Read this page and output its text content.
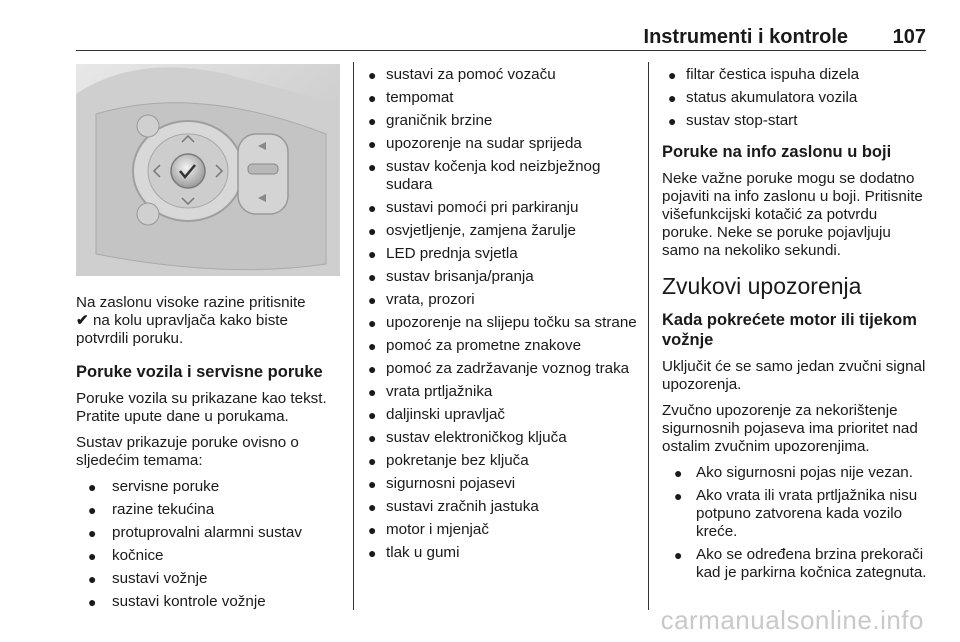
Instrumenti i kontrole 107

Na zaslonu visoke razine pritisnite
✔ na kolu upravljača kako biste
potvrdili poruku.

Poruke vozila i servisne poruke

Poruke vozila su prikazane kao tekst. Pratite upute dane u porukama.

Sustav prikazuje poruke ovisno o sljedećim temama:

● servisne poruke
● razine tekućina
● protuprovalni alarmni sustav
● kočnice
● sustavi vožnje
● sustavi kontrole vožnje
● sustavi za pomoć vozaču
● tempomat
● graničnik brzine
● upozorenje na sudar sprijeda
● sustav kočenja kod neizbježnog sudara
● sustavi pomoći pri parkiranju
● osvjetljenje, zamjena žarulje
● LED prednja svjetla
● sustav brisanja/pranja
● vrata, prozori
● upozorenje na slijepu točku sa strane
● pomoć za prometne znakove
● pomoć za zadržavanje voznog traka
● vrata prtljažnika
● daljinski upravljač
● sustav elektroničkog ključa
● pokretanje bez ključa
● sigurnosni pojasevi
● sustavi zračnih jastuka
● motor i mjenjač
● tlak u gumi
● filtar čestica ispuha dizela
● status akumulatora vozila
● sustav stop-start
Poruke na info zaslonu u boji

Neke važne poruke mogu se dodatno pojaviti na info zaslonu u boji. Pritisnite višefunkcijski kotačić za potvrdu poruke. Neke se poruke pojavljuju samo na nekoliko sekundi.

Zvukovi upozorenja
Kada pokrećete motor ili tijekom vožnje

Uključit će se samo jedan zvučni signal upozorenja.

Zvučno upozorenje za nekorištenje sigurnosnih pojaseva ima prioritet nad ostalim zvučnim upozorenjima.

● Ako sigurnosni pojas nije vezan.
● Ako vrata ili vrata prtljažnika nisu potpuno zatvorena kada vozilo kreće.
● Ako se određena brzina prekorači kad je parkirna kočnica zategnuta.
carmanualsonline.info
